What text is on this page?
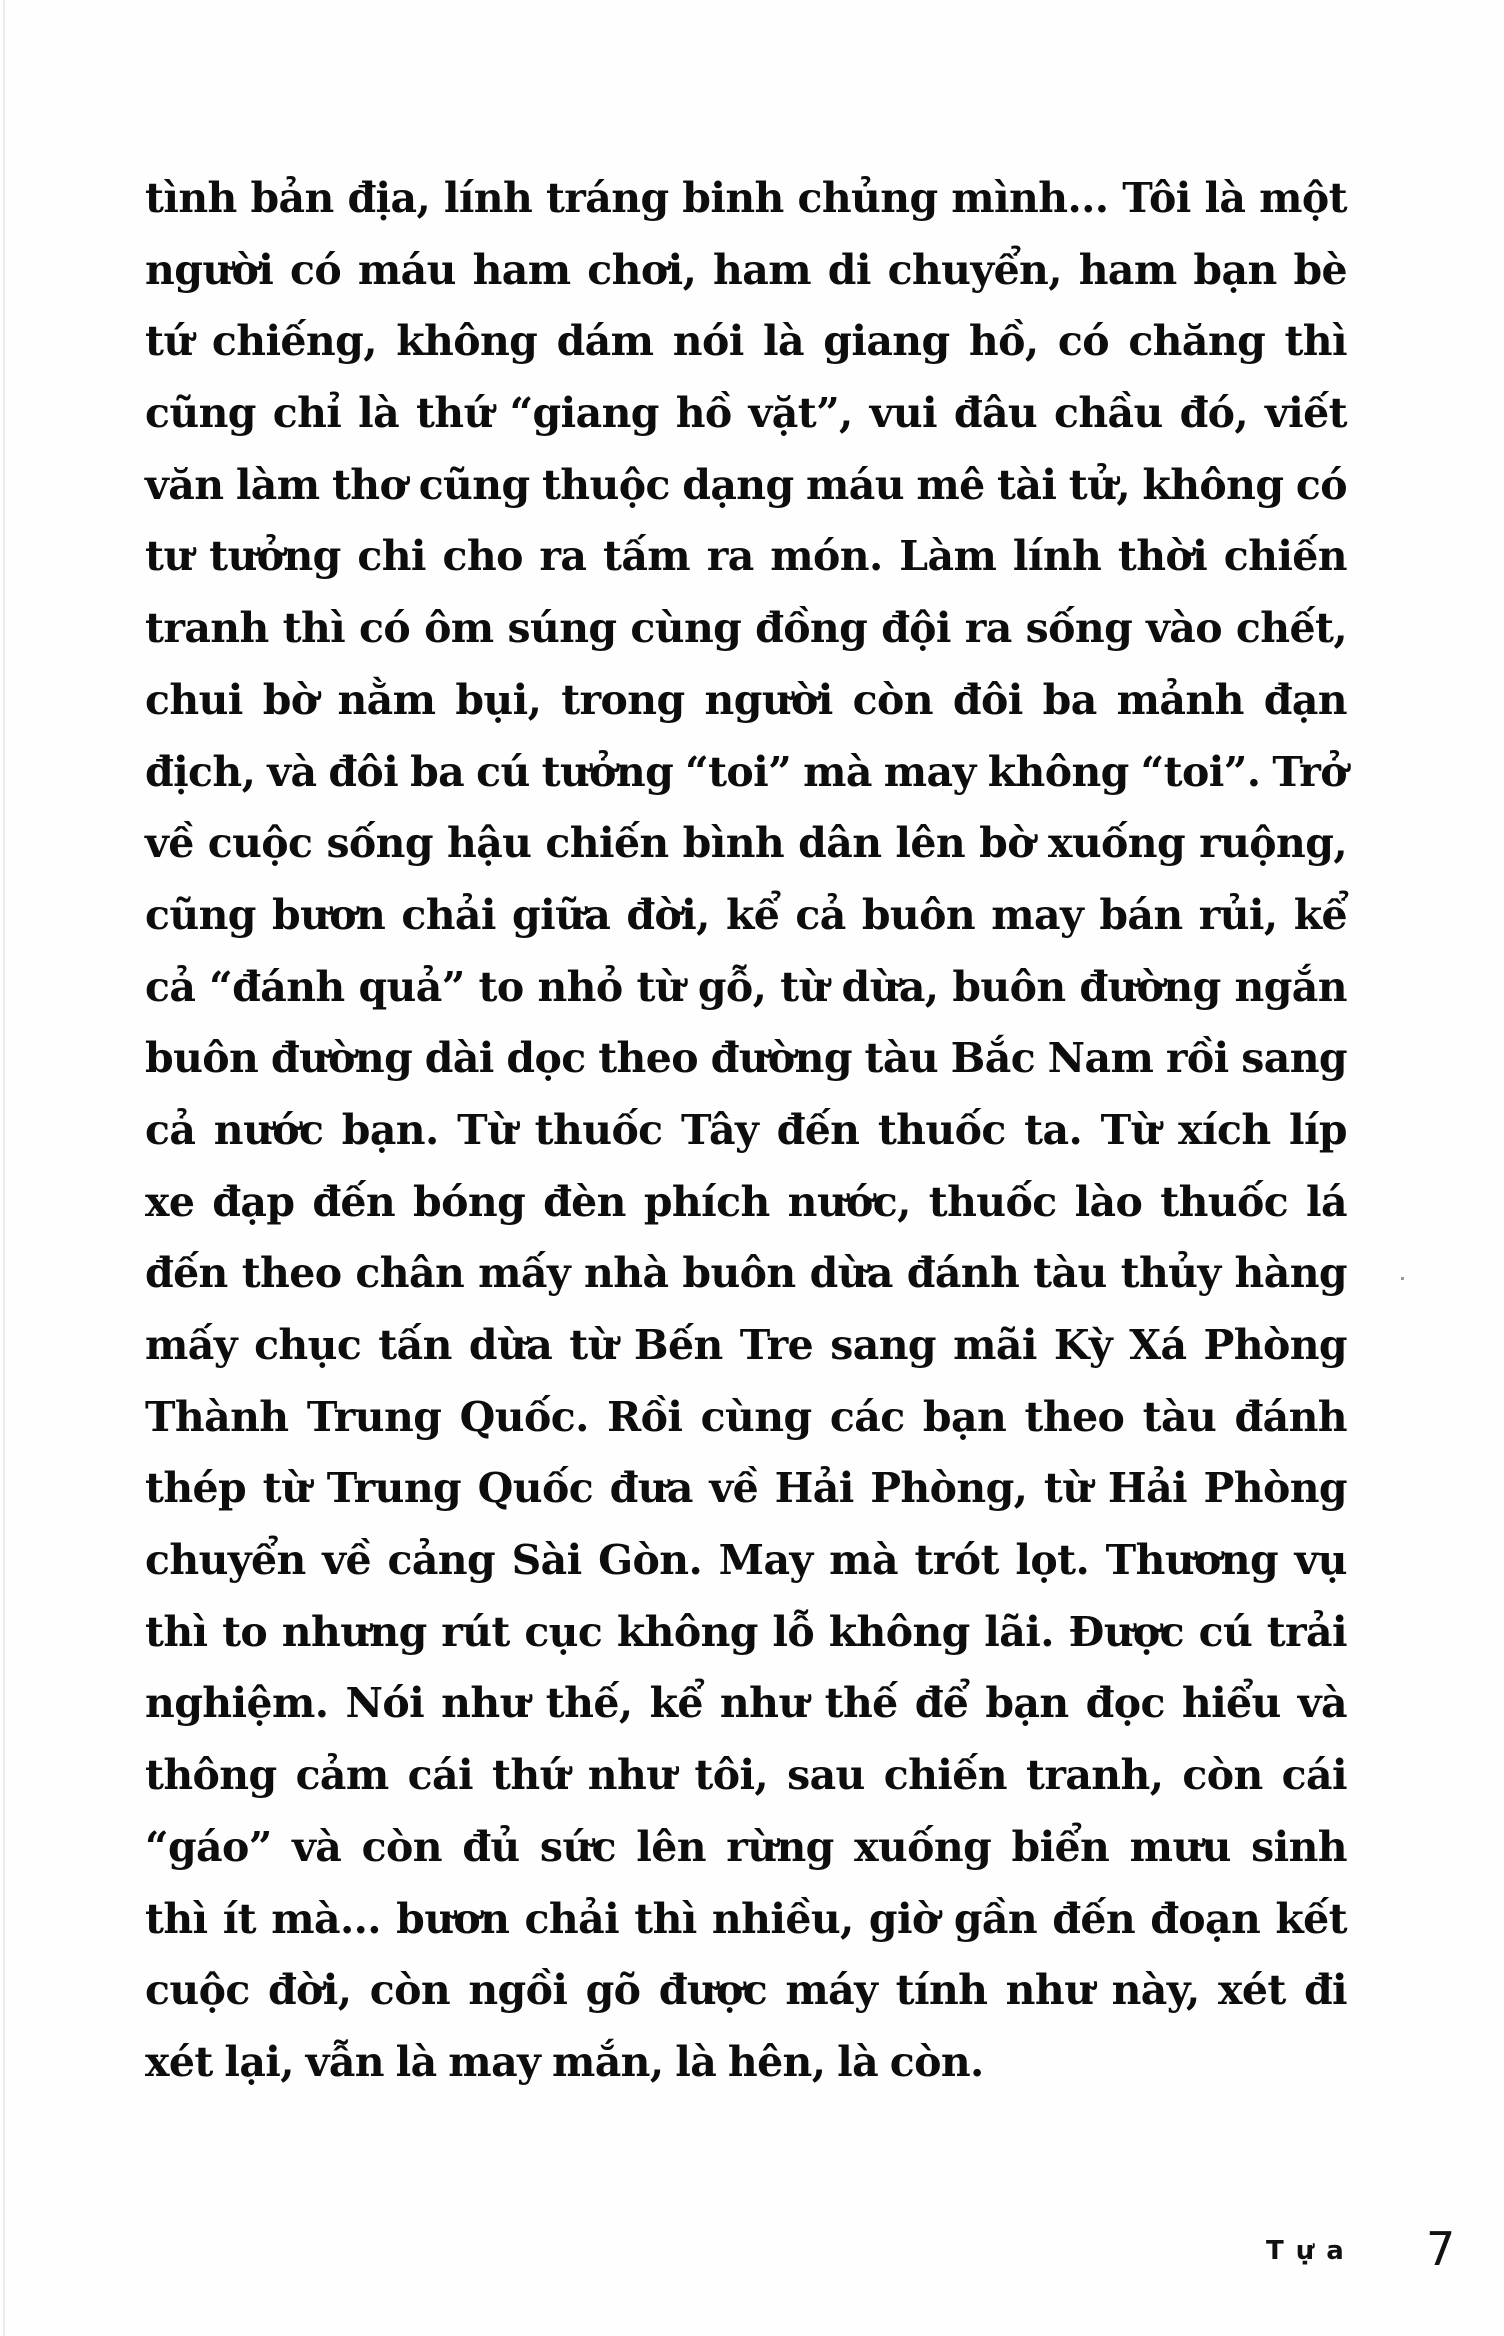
tình bản địa, lính tráng binh chủng mình... Tôi là một
người có máu ham chơi, ham di chuyển, ham bạn bè
tứ chiếng, không dám nói là giang hồ, có chăng thì
cũng chỉ là thứ “giang hồ vặt”, vui đâu chầu đó, viết
văn làm thơ cũng thuộc dạng máu mê tài tử, không có
tư tưởng chi cho ra tấm ra món. Làm lính thời chiến
tranh thì có ôm súng cùng đồng đội ra sống vào chết,
chui bờ nằm bụi, trong người còn đôi ba mảnh đạn
địch, và đôi ba cú tưởng “toi” mà may không “toi”. Trở
về cuộc sống hậu chiến bình dân lên bờ xuống ruộng,
cũng bươn chải giữa đời, kể cả buôn may bán rủi, kể
cả “đánh quả” to nhỏ từ gỗ, từ dừa, buôn đường ngắn
buôn đường dài dọc theo đường tàu Bắc Nam rồi sang
cả nước bạn. Từ thuốc Tây đến thuốc ta. Từ xích líp
xe đạp đến bóng đèn phích nước, thuốc lào thuốc lá
đến theo chân mấy nhà buôn dừa đánh tàu thủy hàng
mấy chục tấn dừa từ Bến Tre sang mãi Kỳ Xá Phòng
Thành Trung Quốc. Rồi cùng các bạn theo tàu đánh
thép từ Trung Quốc đưa về Hải Phòng, từ Hải Phòng
chuyển về cảng Sài Gòn. May mà trót lọt. Thương vụ
thì to nhưng rút cục không lỗ không lãi. Được cú trải
nghiệm. Nói như thế, kể như thế để bạn đọc hiểu và
thông cảm cái thứ như tôi, sau chiến tranh, còn cái
“gáo” và còn đủ sức lên rừng xuống biển mưu sinh
thì ít mà... bươn chải thì nhiều, giờ gần đến đoạn kết
cuộc đời, còn ngồi gõ được máy tính như này, xét đi
xét lại, vẫn là may mắn, là hên, là còn.
Tựa 7
